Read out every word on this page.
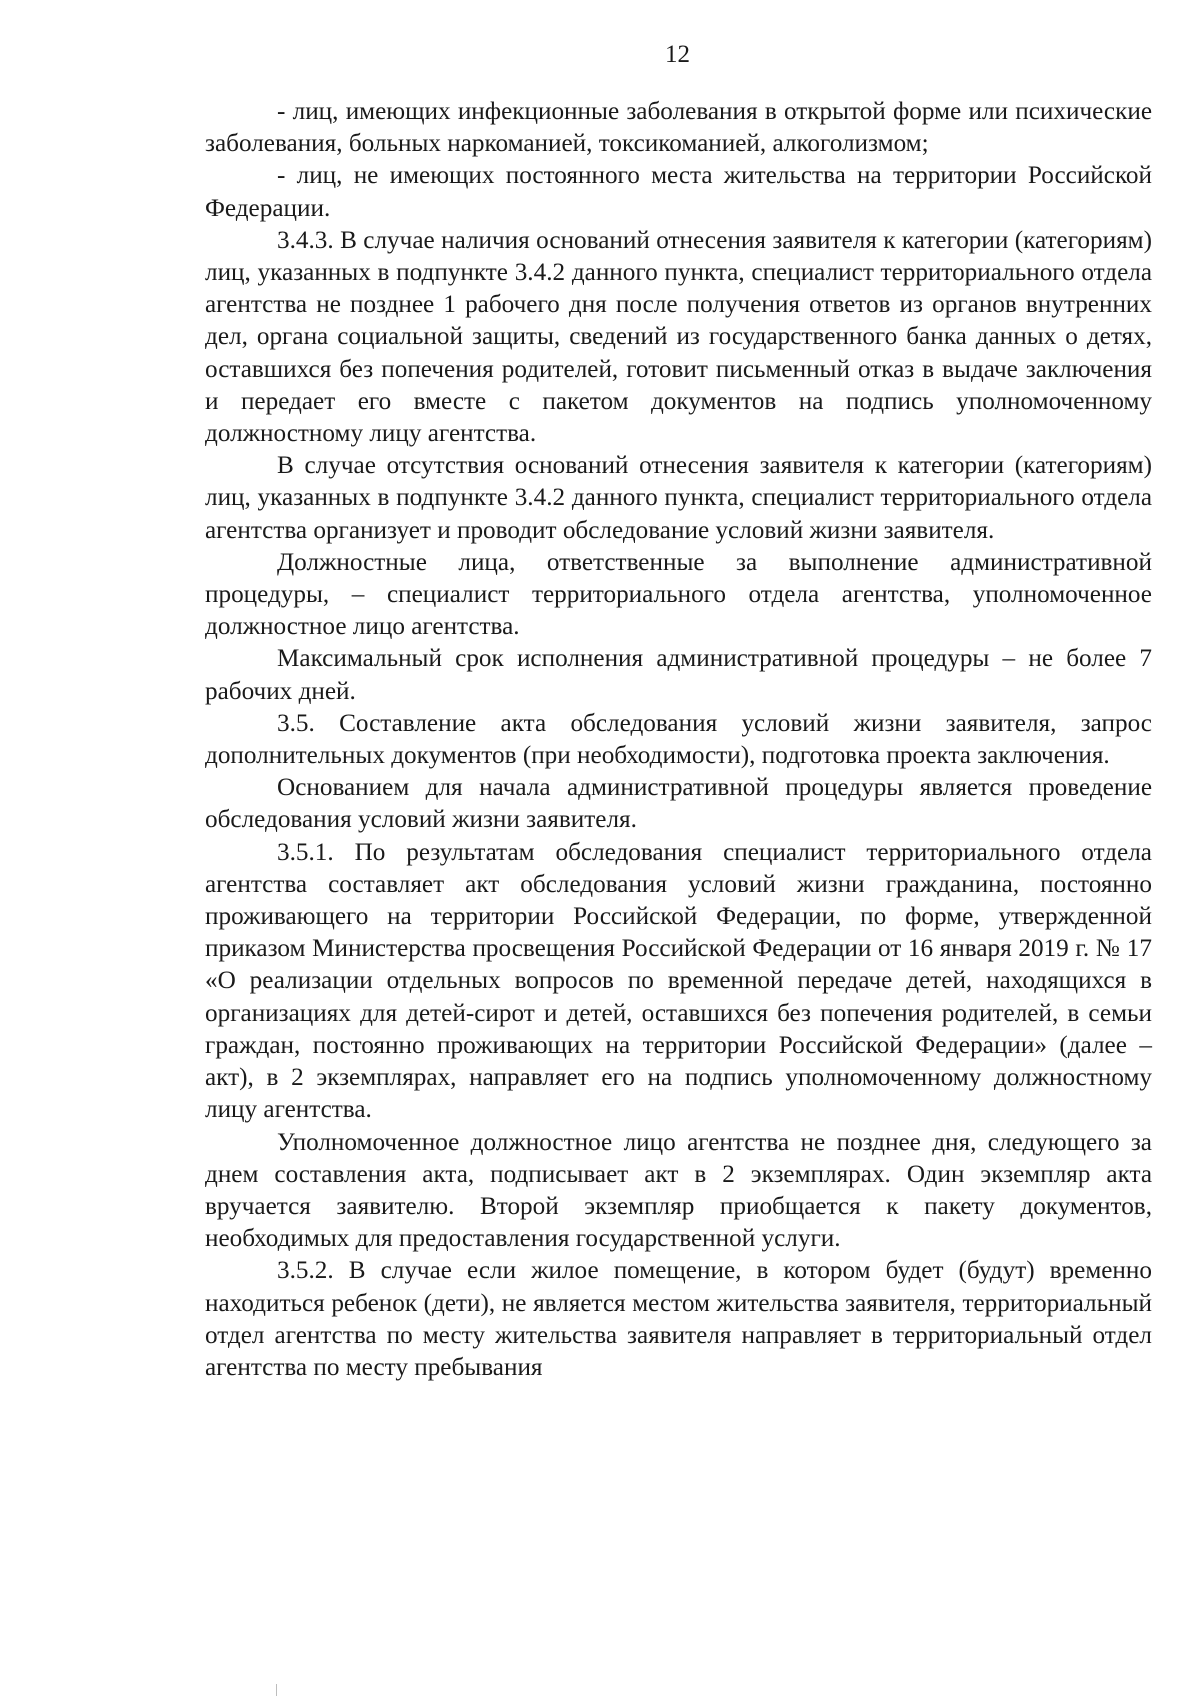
12

- лиц, имеющих инфекционные заболевания в открытой форме или психические заболевания, больных наркоманией, токсикоманией, алкоголизмом;

- лиц, не имеющих постоянного места жительства на территории Российской Федерации.

3.4.3. В случае наличия оснований отнесения заявителя к категории (категориям) лиц, указанных в подпункте 3.4.2 данного пункта, специалист территориального отдела агентства не позднее 1 рабочего дня после получения ответов из органов внутренних дел, органа социальной защиты, сведений из государственного банка данных о детях, оставшихся без попечения родителей, готовит письменный отказ в выдаче заключения и передает его вместе с пакетом документов на подпись уполномоченному должностному лицу агентства.

В случае отсутствия оснований отнесения заявителя к категории (категориям) лиц, указанных в подпункте 3.4.2 данного пункта, специалист территориального отдела агентства организует и проводит обследование условий жизни заявителя.

Должностные лица, ответственные за выполнение административной процедуры, – специалист территориального отдела агентства, уполномоченное должностное лицо агентства.

Максимальный срок исполнения административной процедуры – не более 7 рабочих дней.

3.5. Составление акта обследования условий жизни заявителя, запрос дополнительных документов (при необходимости), подготовка проекта заключения.

Основанием для начала административной процедуры является проведение обследования условий жизни заявителя.

3.5.1. По результатам обследования специалист территориального отдела агентства составляет акт обследования условий жизни гражданина, постоянно проживающего на территории Российской Федерации, по форме, утвержденной приказом Министерства просвещения Российской Федерации от 16 января 2019 г. № 17 «О реализации отдельных вопросов по временной передаче детей, находящихся в организациях для детей-сирот и детей, оставшихся без попечения родителей, в семьи граждан, постоянно проживающих на территории Российской Федерации» (далее – акт), в 2 экземплярах, направляет его на подпись уполномоченному должностному лицу агентства.

Уполномоченное должностное лицо агентства не позднее дня, следующего за днем составления акта, подписывает акт в 2 экземплярах. Один экземпляр акта вручается заявителю. Второй экземпляр приобщается к пакету документов, необходимых для предоставления государственной услуги.

3.5.2. В случае если жилое помещение, в котором будет (будут) временно находиться ребенок (дети), не является местом жительства заявителя, территориальный отдел агентства по месту жительства заявителя направляет в территориальный отдел агентства по месту пребывания
